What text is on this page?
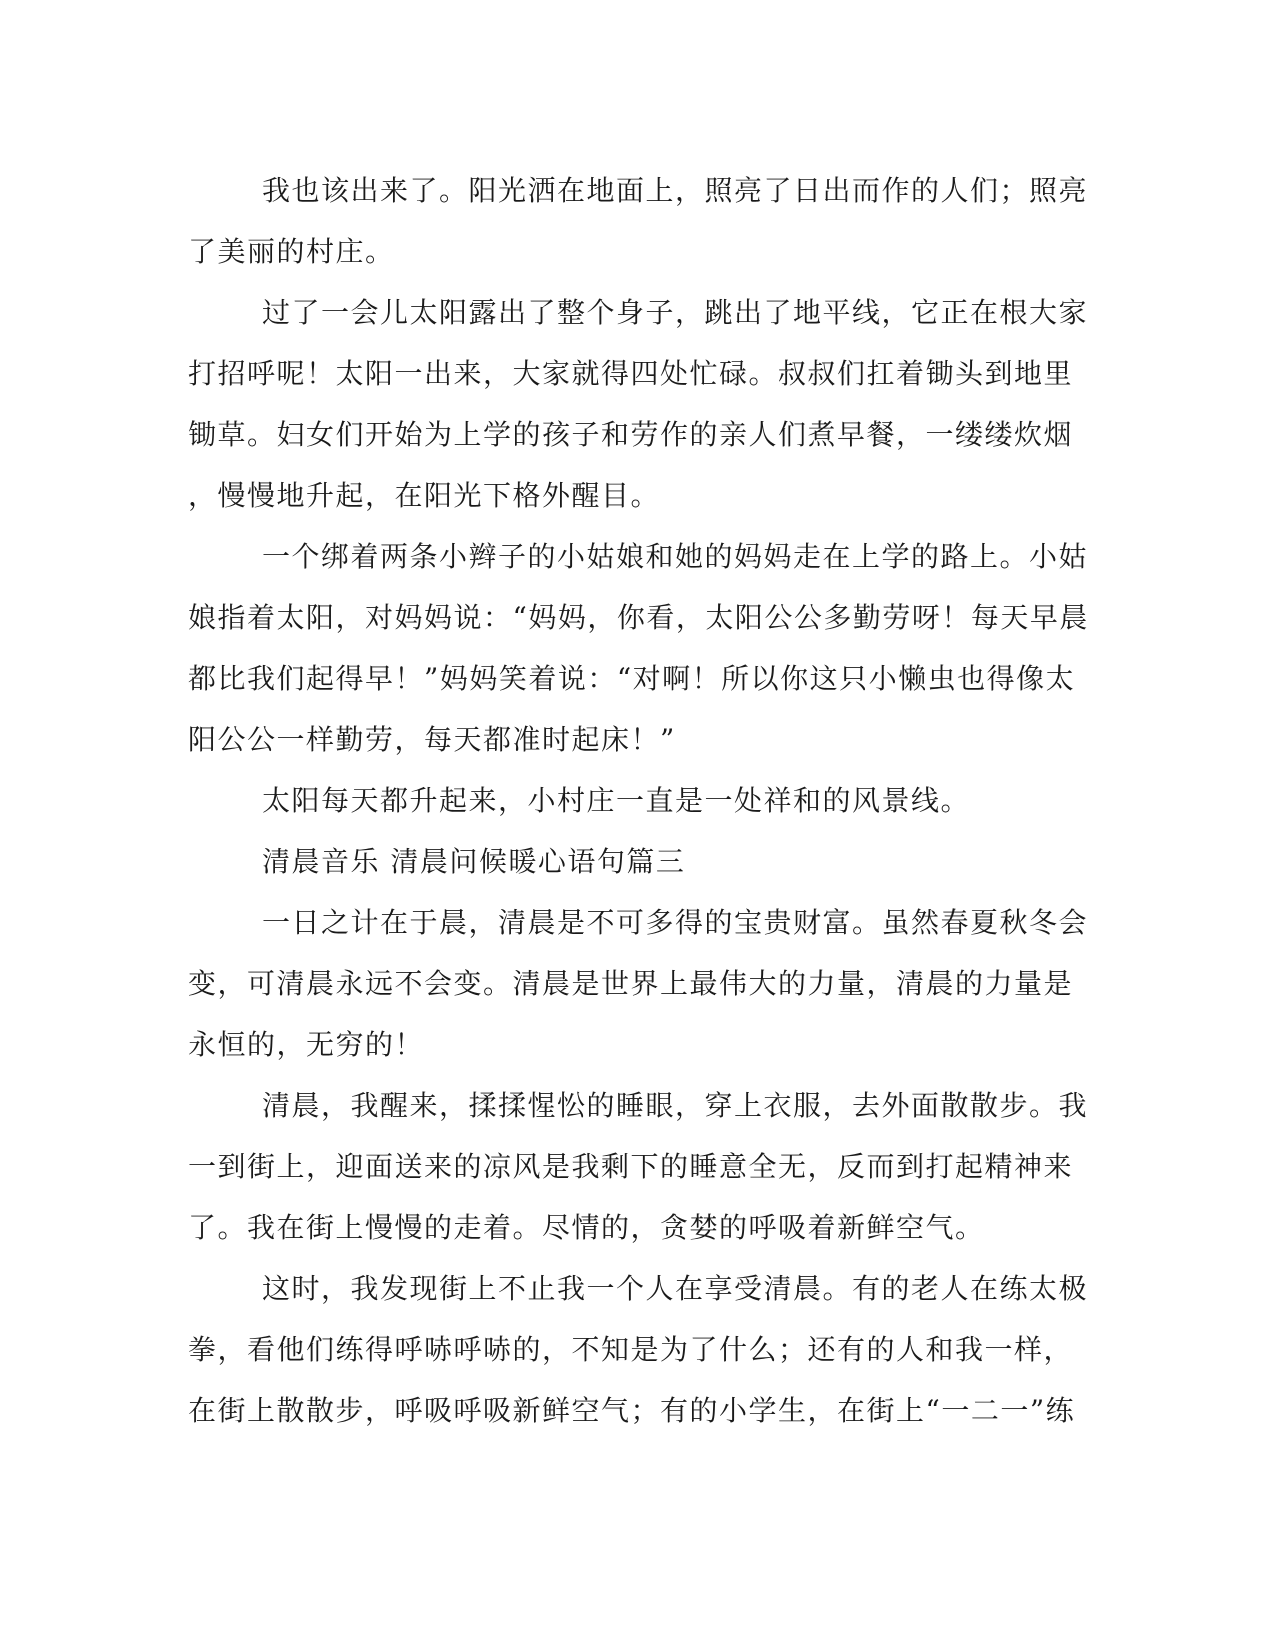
我也该出来了。阳光洒在地面上，照亮了日出而作的人们；照亮
了美丽的村庄。
过了一会儿太阳露出了整个身子，跳出了地平线，它正在根大家
打招呼呢！太阳一出来，大家就得四处忙碌。叔叔们扛着锄头到地里
锄草。妇女们开始为上学的孩子和劳作的亲人们煮早餐，一缕缕炊烟
，慢慢地升起，在阳光下格外醒目。
一个绑着两条小辫子的小姑娘和她的妈妈走在上学的路上。小姑
娘指着太阳，对妈妈说：“妈妈，你看，太阳公公多勤劳呀！每天早晨
都比我们起得早！”妈妈笑着说：“对啊！所以你这只小懒虫也得像太
阳公公一样勤劳，每天都准时起床！”
太阳每天都升起来，小村庄一直是一处祥和的风景线。
清晨音乐 清晨问候暖心语句篇三
一日之计在于晨，清晨是不可多得的宝贵财富。虽然春夏秋冬会
变，可清晨永远不会变。清晨是世界上最伟大的力量，清晨的力量是
永恒的，无穷的！
清晨，我醒来，揉揉惺忪的睡眼，穿上衣服，去外面散散步。我
一到街上，迎面送来的凉风是我剩下的睡意全无，反而到打起精神来
了。我在街上慢慢的走着。尽情的，贪婪的呼吸着新鲜空气。
这时，我发现街上不止我一个人在享受清晨。有的老人在练太极
拳，看他们练得呼哧呼哧的，不知是为了什么；还有的人和我一样，
在街上散散步，呼吸呼吸新鲜空气；有的小学生，在街上“一二一”练
